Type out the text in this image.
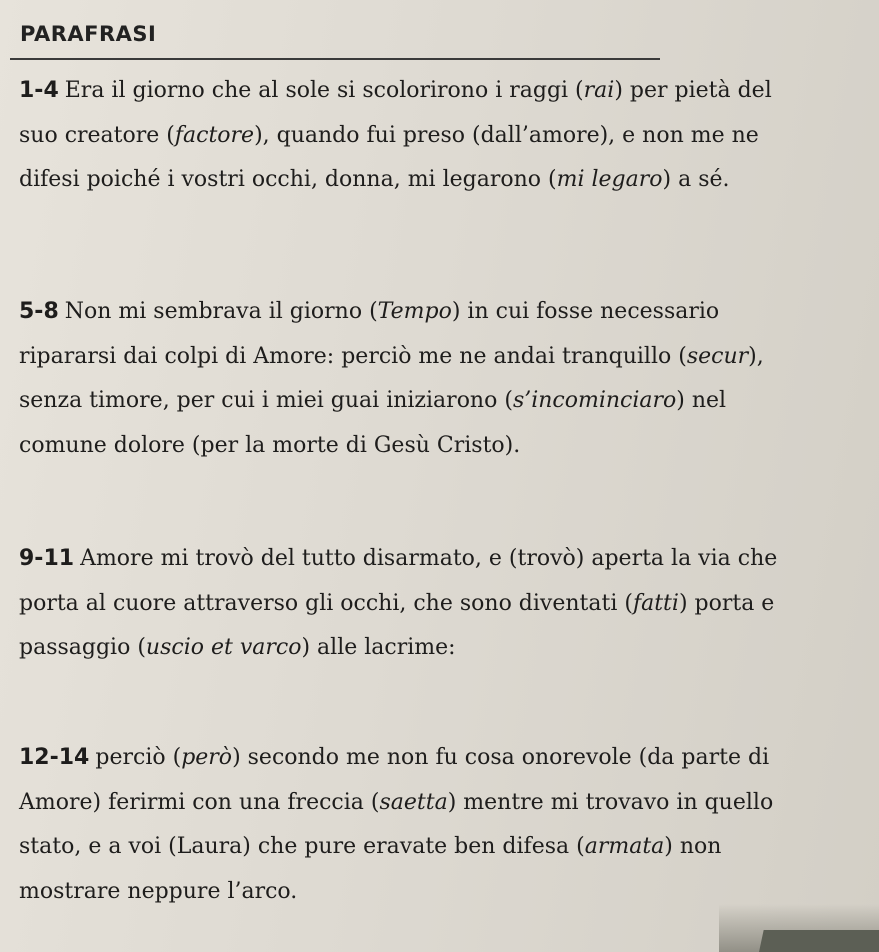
PARAFRASI
1-4 Era il giorno che al sole si scolorirono i raggi (rai) per pietà del suo creatore (factore), quando fui preso (dall’amore), e non me ne difesi poiché i vostri occhi, donna, mi legarono (mi legaro) a sé.
5-8 Non mi sembrava il giorno (Tempo) in cui fosse necessario ripararsi dai colpi di Amore: perciò me ne andai tranquillo (secur), senza timore, per cui i miei guai iniziarono (s’incominciaro) nel comune dolore (per la morte di Gesù Cristo).
9-11 Amore mi trovò del tutto disarmato, e (trovò) aperta la via che porta al cuore attraverso gli occhi, che sono diventati (fatti) porta e passaggio (uscio et varco) alle lacrime:
12-14 perciò (però) secondo me non fu cosa onorevole (da parte di Amore) ferirmi con una freccia (saetta) mentre mi trovavo in quello stato, e a voi (Laura) che pure eravate ben difesa (armata) non mostrare neppure l’arco.
